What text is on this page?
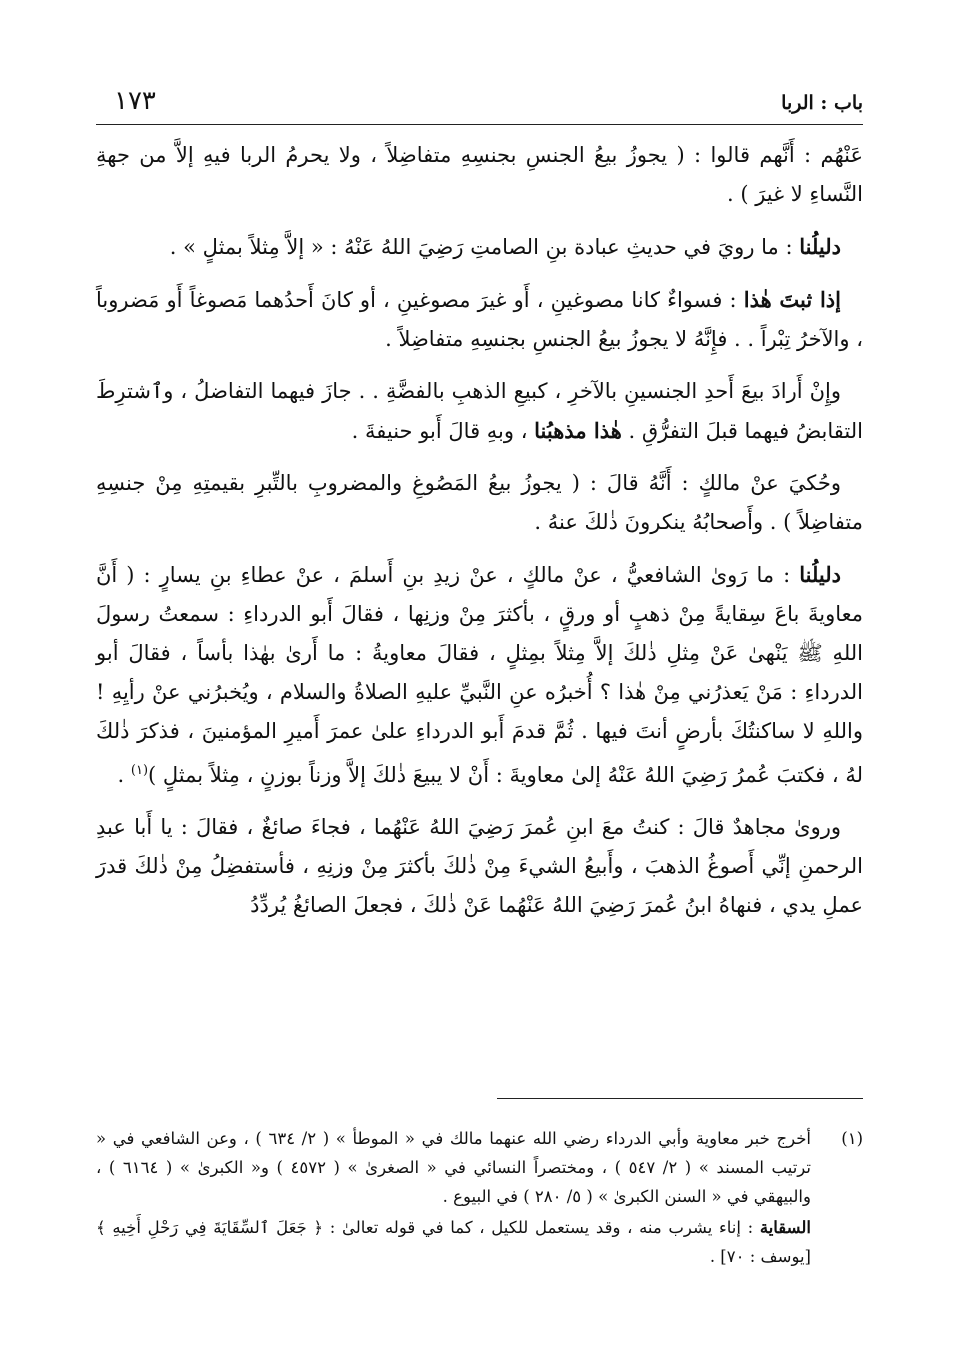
باب : الربا
١٧٣

عَنْهُم : أَنَّهم قالوا : ( يجوزُ بيعُ الجنسِ بجنسِهِ متفاضِلاً ، ولا يحرمُ الربا فيهِ إلاَّ من جهةِ النَّساءِ لا غيرَ ) .

دليلُنا : ما رويَ في حديثِ عبادة بنِ الصامتِ رَضِيَ اللهُ عَنْهُ : « إلاَّ مِثلاً بمثلٍ » .

إذا ثبتَ هٰذا : فسواءٌ كانا مصوغينِ ، أَو غيرَ مصوغينِ ، أو كانَ أَحدُهما مَصوغاً أَو مَضروباً ، والآخرُ تِبْراً . . فإِنَّهُ لا يجوزُ بيعُ الجنسِ بجنسِهِ متفاضِلاً .

وإِنْ أَرادَ بيعَ أَحدِ الجنسينِ بالآخرِ ، كبيعِ الذهبِ بالفضَّةِ . . جازَ فيهما التفاضلُ ، وٱشترِطَ التقابضُ فيهما قبلَ التفرُّقِ . هٰذا مذهبُنا ، وبهِ قالَ أَبو حنيفةَ .

وحُكيَ عنْ مالكٍ : أَنَّهُ قالَ : ( يجوزُ بيعُ المَصُوغِ والمضروبِ بالتِّبرِ بقيمتِهِ مِنْ جنسِهِ متفاضِلاً ) . وأَصحابُهُ ينكرونَ ذٰلكَ عنهُ .

دليلُنا : ما رَوىٰ الشافعيُّ ، عنْ مالكٍ ، عنْ زيدِ بنِ أَسلمَ ، عنْ عطاءِ بنِ يسارٍ : ( أَنَّ معاويةَ باعَ سِقايةً مِنْ ذهبٍ أو ورقٍ ، بأكثرَ مِنْ وزنِها ، فقالَ أَبو الدرداءِ : سمعتُ رسولَ اللهِ ﷺ يَنْهىٰ عَنْ مِثلِ ذٰلكَ إلاَّ مِثلاً بمِثلٍ ، فقالَ معاويةُ : ما أَرىٰ بهٰذا بأساً ، فقالَ أبو الدرداءِ : مَنْ يَعذرُني مِنْ هٰذا ؟ أُخبرُه عنِ النَّبيِّ عليهِ الصلاةُ والسلام ، ويُخبرُني عنْ رأيِهِ ! واللهِ لا ساكنتُكَ بأرضٍ أنتَ فيها . ثُمَّ قدمَ أَبو الدرداءِ علىٰ عمرَ أَميرِ المؤمنينَ ، فذكرَ ذٰلكَ لهُ ، فكتبَ عُمرُ رَضِيَ اللهُ عَنْهُ إلىٰ معاويةَ : أَنْ لا يبيعَ ذٰلكَ إلاَّ وزناً بوزنٍ ، مِثلاً بمثلٍ )$^{(١)}$ .

وروىٰ مجاهدٌ قالَ : كنتُ معَ ابنِ عُمرَ رَضِيَ اللهُ عَنْهُما ، فجاءَ صائغٌ ، فقالَ : يا أَبا عبدِ الرحمنِ إنِّي أَصوغُ الذهبَ ، وأَبيعُ الشيءَ مِنْ ذٰلكَ بأكثرَ مِنْ وزنِهِ ، فأستفضِلُ مِنْ ذٰلكَ قدرَ عملِ يدي ، فنهاهُ ابنُ عُمرَ رَضِيَ اللهُ عَنْهُما عَنْ ذٰلكَ ، فجعلَ الصائغُ يُردِّدُ

(١)
أخرج خبر معاوية وأبي الدرداء رضي الله عنهما مالك في « الموطأ » ( ٢/ ٦٣٤ ) ، وعن الشافعي في « ترتيب المسند » ( ٢/ ٥٤٧ ) ، ومختصراً النسائي في « الصغرىٰ » ( ٤٥٧٢ ) و« الكبرىٰ » ( ٦١٦٤ ) ، والبيهقي في « السنن الكبرىٰ » ( ٥/ ٢٨٠ ) في البيوع .
السقاية : إناء يشرب منه ، وقد يستعمل للكيل ، كما في قوله تعالىٰ : ﴿ جَعَلَ ٱلسِّقَايَةَ فِي رَحْلِ أَخِيهِ ﴾ [يوسف : ٧٠] .
